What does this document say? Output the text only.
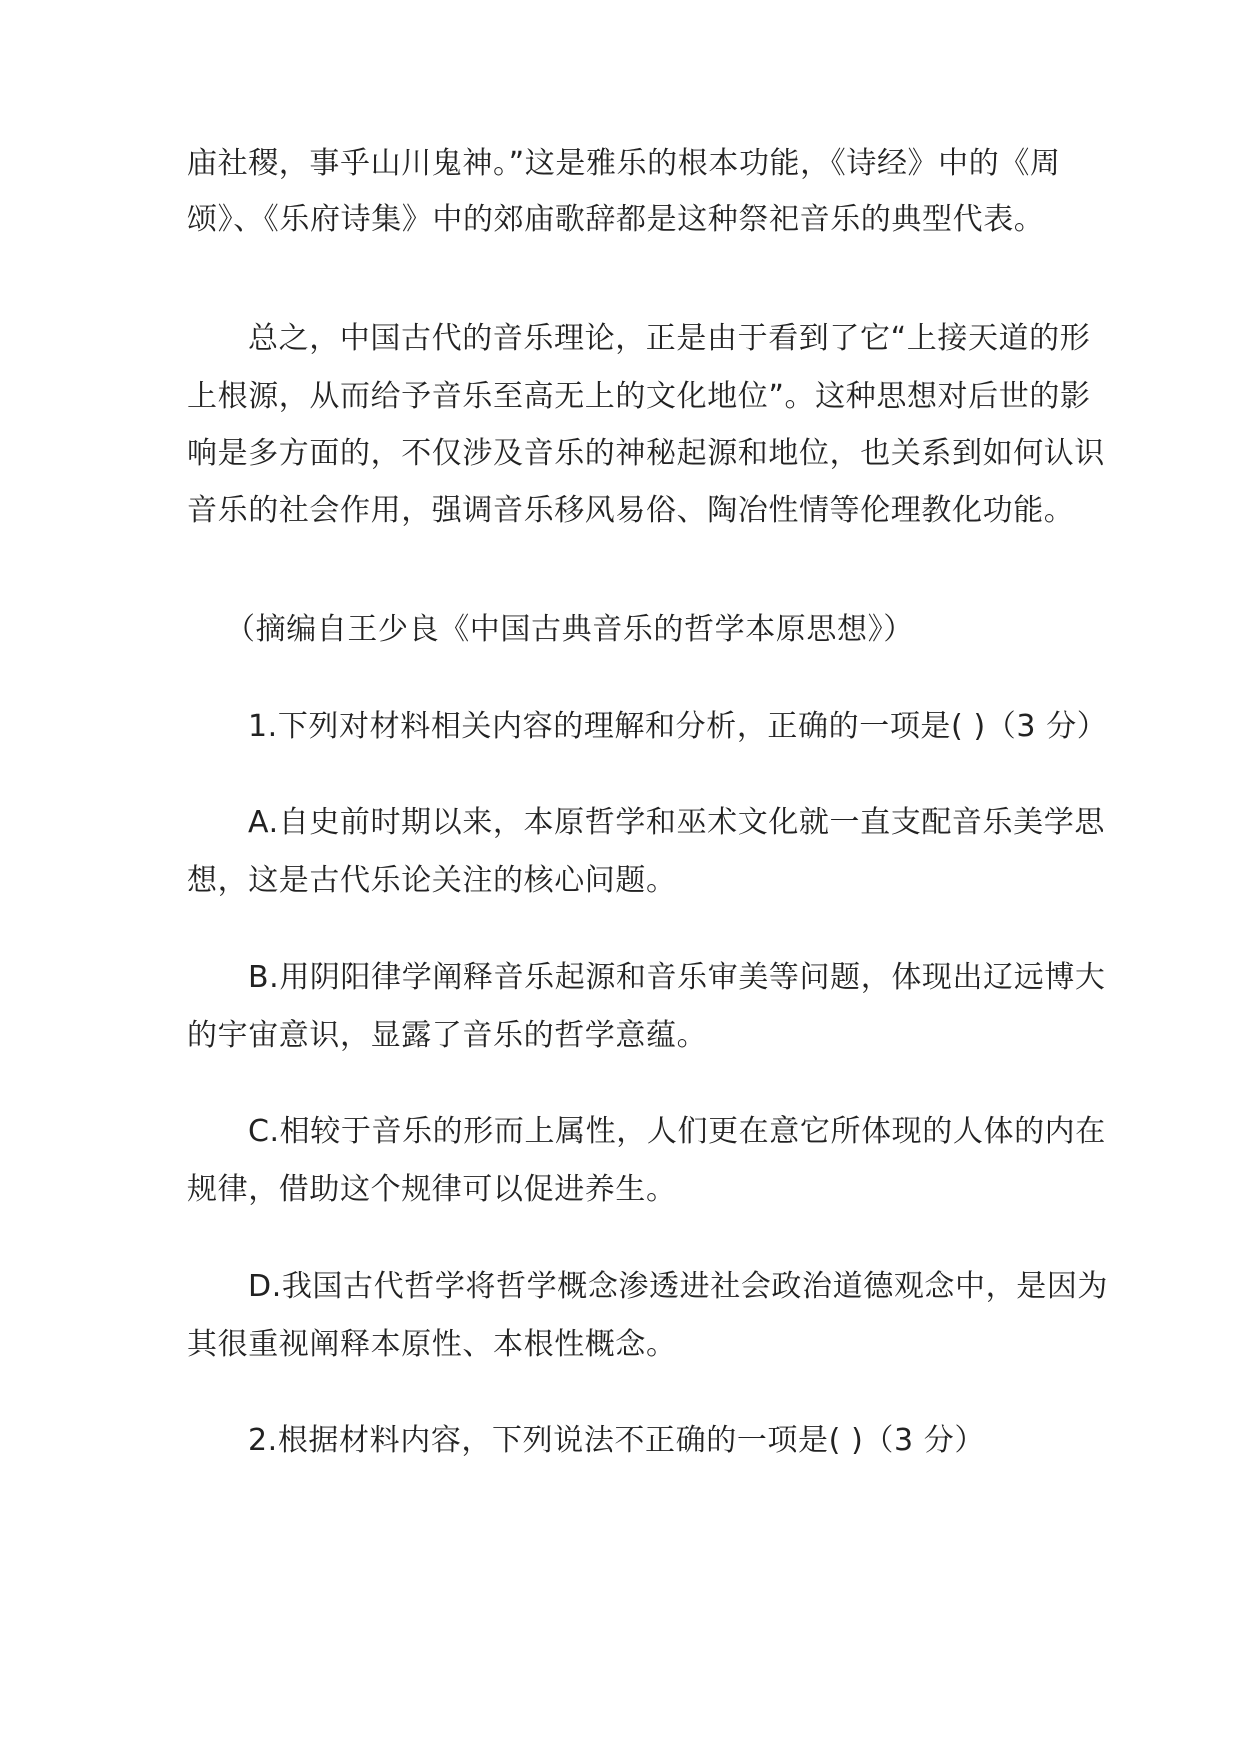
庙社稷，事乎山川鬼神。”这是雅乐的根本功能，《诗经》中的《周

颂》、《乐府诗集》中的郊庙歌辞都是这种祭祀音乐的典型代表。

总之，中国古代的音乐理论，正是由于看到了它“上接天道的形

上根源，从而给予音乐至高无上的文化地位”。这种思想对后世的影

响是多方面的，不仅涉及音乐的神秘起源和地位，也关系到如何认识

音乐的社会作用，强调音乐移风易俗、陶冶性情等伦理教化功能。

（摘编自王少良《中国古典音乐的哲学本原思想》）

1.下列对材料相关内容的理解和分析，正确的一项是( )（3 分）

A.自史前时期以来，本原哲学和巫术文化就一直支配音乐美学思

想，这是古代乐论关注的核心问题。

B.用阴阳律学阐释音乐起源和音乐审美等问题，体现出辽远博大

的宇宙意识，显露了音乐的哲学意蕴。

C.相较于音乐的形而上属性，人们更在意它所体现的人体的内在

规律，借助这个规律可以促进养生。

D.我国古代哲学将哲学概念渗透进社会政治道德观念中，是因为

其很重视阐释本原性、本根性概念。

2.根据材料内容，下列说法不正确的一项是( )（3 分）
